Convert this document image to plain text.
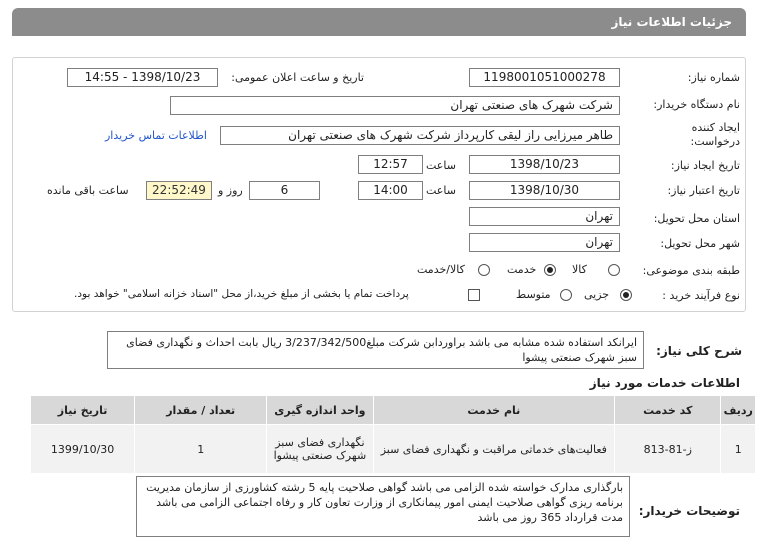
جزئیات اطلاعات نیاز
شماره نیاز:
1198001051000278
تاریخ و ساعت اعلان عمومی:
1398/10/23 - 14:55
نام دستگاه خریدار:
شرکت شهرک های صنعتی تهران
ایجاد کننده درخواست:
طاهر میرزایی راز لیقی کارپرداز شرکت شهرک های صنعتی تهران
اطلاعات تماس خریدار
تاریخ ایجاد نیاز:
1398/10/23
ساعت
12:57
تاریخ اعتبار نیاز:
1398/10/30
ساعت
14:00
6
روز و
22:52:49
ساعت باقی مانده
استان محل تحویل:
تهران
شهر محل تحویل:
تهران
طبقه بندی موضوعی:
کالا
خدمت
کالا/خدمت
نوع فرآیند خرید :
جزیی
متوسط
پرداخت تمام یا بخشی از مبلغ خرید،از محل "اسناد خزانه اسلامی" خواهد بود.
شرح کلی نیاز:
ایرانکد استفاده شده مشابه می باشد براوردابن شرکت مبلغ3/237/342/500 ریال بابت احداث و نگهداری فضای سبز شهرک صنعتی پیشوا
اطلاعات خدمات مورد نیاز
ردیف	کد خدمت	نام خدمت	واحد اندازه گیری	تعداد / مقدار	تاریخ نیاز
1	ز-81-813	فعالیت‌های خدماتی مراقبت و نگهداری فضای سبز	نگهداری فضای سبز شهرک صنعتی پیشوا	1	1399/10/30
توضیحات خریدار:
بارگذاری مدارک خواسته شده الزامی می باشد گواهی صلاحیت پایه 5 رشته کشاورزی از سازمان مدیریت برنامه ریزی گواهی صلاحیت ایمنی امور پیمانکاری از وزارت تعاون کار و رفاه اجتماعی الزامی می باشد مدت قرارداد 365 روز می باشد
